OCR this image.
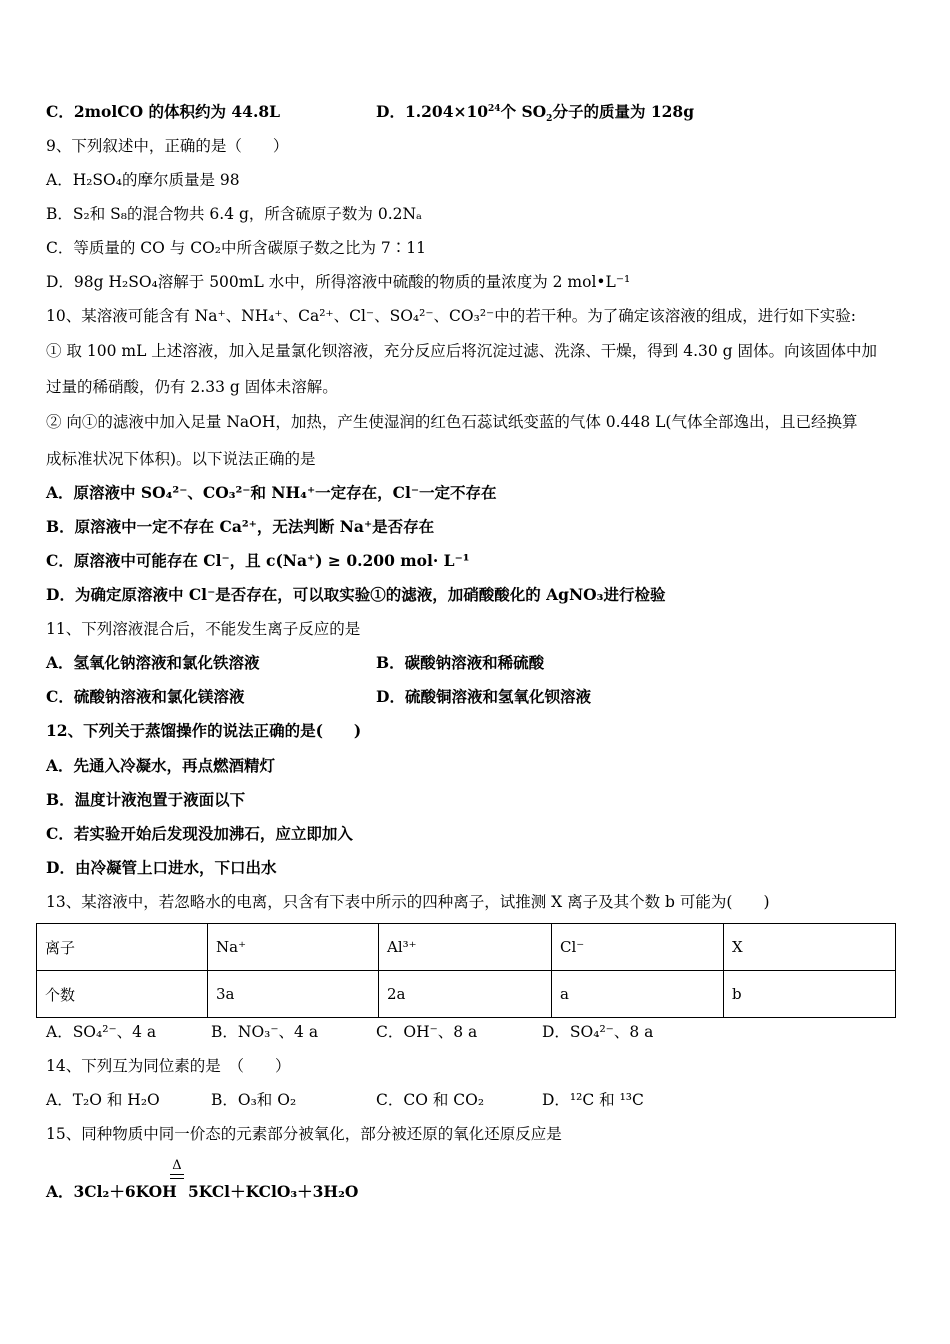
C．2molCO 的体积约为 44.8L	D．$1.204\times 10^{24}$个 $SO_2$分子的质量为 128g
9、下列叙述中，正确的是（　　）
A．H₂SO₄的摩尔质量是 98
B．S₂和 S₈的混合物共 6.4 g，所含硫原子数为 0.2Nₐ
C．等质量的 CO 与 CO₂中所含碳原子数之比为 7∶11
D．98g H₂SO₄溶解于 500mL 水中，所得溶液中硫酸的物质的量浓度为 2 mol•L⁻¹
10、某溶液可能含有 Na⁺、NH₄⁺、Ca²⁺、Cl⁻、SO₄²⁻、CO₃²⁻中的若干种。为了确定该溶液的组成，进行如下实验:
① 取 100 mL 上述溶液，加入足量氯化钡溶液，充分反应后将沉淀过滤、洗涤、干燥，得到 4.30 g 固体。向该固体中加
过量的稀硝酸，仍有 2.33 g 固体未溶解。
② 向①的滤液中加入足量 NaOH，加热，产生使湿润的红色石蕊试纸变蓝的气体 0.448 L(气体全部逸出，且已经换算
成标准状况下体积)。以下说法正确的是
A．原溶液中 SO₄²⁻、CO₃²⁻和 NH₄⁺一定存在，Cl⁻一定不存在
B．原溶液中一定不存在 Ca²⁺，无法判断 Na⁺是否存在
C．原溶液中可能存在 Cl⁻，且 c(Na⁺) ≥ 0.200 mol· L⁻¹
D．为确定原溶液中 Cl⁻是否存在，可以取实验①的滤液，加硝酸酸化的 AgNO₃进行检验
11、下列溶液混合后，不能发生离子反应的是
A．氢氧化钠溶液和氯化铁溶液	B．碳酸钠溶液和稀硫酸
C．硫酸钠溶液和氯化镁溶液	D．硫酸铜溶液和氢氧化钡溶液
12、下列关于蒸馏操作的说法正确的是(　　)
A．先通入冷凝水，再点燃酒精灯
B．温度计液泡置于液面以下
C．若实验开始后发现没加沸石，应立即加入
D．由冷凝管上口进水，下口出水
13、某溶液中，若忽略水的电离，只含有下表中所示的四种离子，试推测 X 离子及其个数 b 可能为(　　)
离子	Na⁺	Al³⁺	Cl⁻	X
个数	3a	2a	a	b
A．SO₄²⁻、4 a	B．NO₃⁻、4 a	C．OH⁻、8 a	D．SO₄²⁻、8 a
14、下列互为同位素的是　（　　）
A．T₂O 和 H₂O	B．O₃和 O₂	C．CO 和 CO₂	D．¹²C 和 ¹³C
15、同种物质中同一价态的元素部分被氧化，部分被还原的氧化还原反应是
Δ
A．3Cl₂＋6KOH 5KCl＋KClO₃＋3H₂O
